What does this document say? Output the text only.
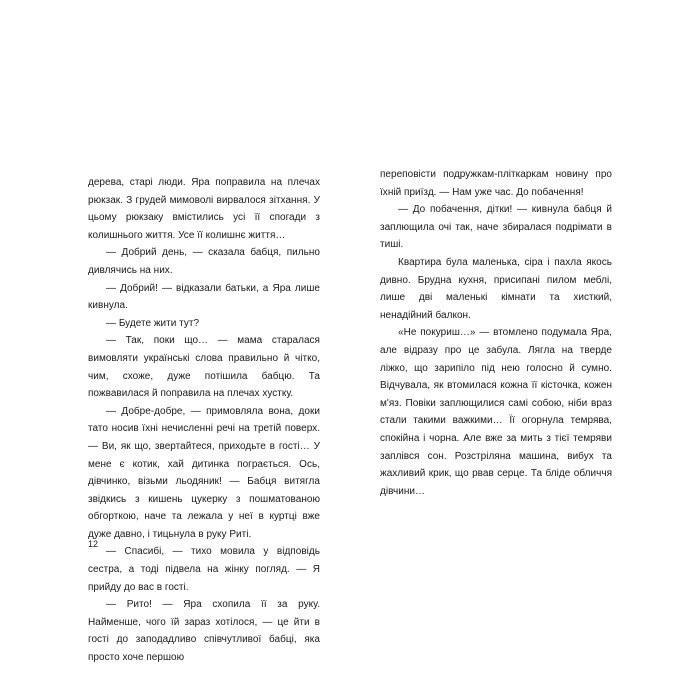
дерева, старі люди. Яра поправила на плечах рюкзак. З грудей мимоволі вирвалося зітхання. У цьому рюкзаку вмістились усі її спогади з колишнього життя. Усе її колишнє життя…

— Добрий день, — сказала бабця, пильно дивлячись на них.

— Добрий! — відказали батьки, а Яра лише кивнула.

— Будете жити тут?

— Так, поки що… — мама старалася вимовляти українські слова правильно й чітко, чим, схоже, дуже потішила бабцю. Та пожвавилася й поправила на плечах хустку.

— Добре-добре, — примовляла вона, доки тато носив їхні нечисленні речі на третій поверх. — Ви, як що, звертайтеся, приходьте в гості… У мене є котик, хай дитинка пограється. Ось, дівчинко, візьми льодяник! — Бабця витягла звідкись з кишень цукерку з пошматованою обгорткою, наче та лежала у неї в куртці вже дуже давно, і тицьнула в руку Риті.

— Спасибі, — тихо мовила у відповідь сестра, а тоді підвела на жінку погляд. — Я прийду до вас в гості.

— Рито! — Яра схопила її за руку. Найменше, чого їй зараз хотілося, — це йти в гості до заподадливо співчутливої бабці, яка просто хоче першою

переповісти подружкам-пліткаркам новину про їхній приїзд. — Нам уже час. До побачення!

— До побачення, дітки! — кивнула бабця й заплющила очі так, наче збиралася подрімати в тиші.

Квартира була маленька, сіра і пахла якось дивно. Брудна кухня, присипані пилом меблі, лише дві маленькі кімнати та хисткий, ненадійний балкон.

«Не покуриш…» — втомлено подумала Яра, але відразу про це забула. Лягла на тверде ліжко, що зарипіло під нею голосно й сумно. Відчувала, як втомилася кожна її кісточка, кожен м'яз. Повіки заплющилися самі собою, ніби враз стали такими важкими… Її огорнула темрява, спокійна і чорна. Але вже за мить з тієї темряви заплівся сон. Розстріляна машина, вибух та жахливий крик, що рвав серце. Та бліде обличчя дівчини…

12
